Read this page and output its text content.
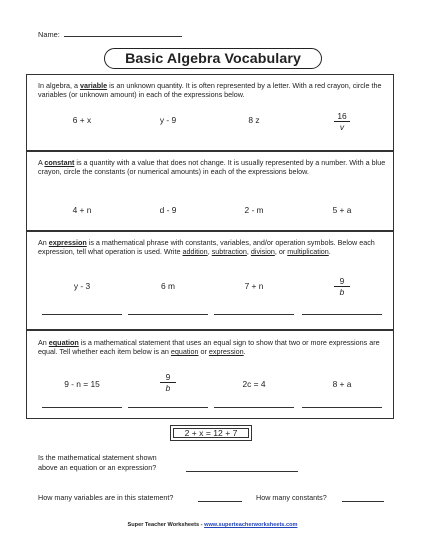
Name:
Basic Algebra Vocabulary
In algebra, a variable is an unknown quantity. It is often represented by a letter. With a red crayon, circle the variables (or unknown amount) in each of the expressions below.
6 + x	y - 9	8 z	$\frac{16}{v}$
A constant is a quantity with a value that does not change. It is usually represented by a number. With a blue crayon, circle the constants (or numerical amounts) in each of the expressions below.
4 + n	d - 9	2 - m	5 + a
An expression is a mathematical phrase with constants, variables, and/or operation symbols. Below each expression, tell what operation is used. Write addition, subtraction, division, or multiplication.
y - 3	6 m	7 + n	$\frac{9}{b}$
An equation is a mathematical statement that uses an equal sign to show that two or more expressions are equal. Tell whether each item below is an equation or expression.
9 - n = 15	$\frac{9}{b}$	2c = 4	8 + a
2 + x = 12 + 7
Is the mathematical statement shown
above an equation or an expression?
How many variables are in this statement?	How many constants?
Super Teacher Worksheets - www.superteacherworksheets.com
